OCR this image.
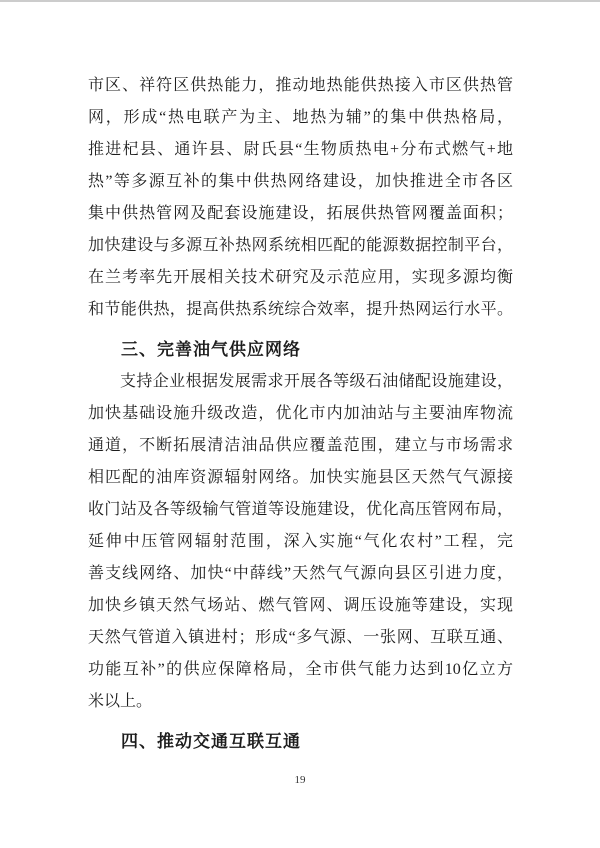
市区、祥符区供热能力，推动地热能供热接入市区供热管

网，形成“热电联产为主、地热为辅”的集中供热格局，

推进杞县、通许县、尉氏县“生物质热电+分布式燃气+地

热”等多源互补的集中供热网络建设，加快推进全市各区

集中供热管网及配套设施建设，拓展供热管网覆盖面积；

加快建设与多源互补热网系统相匹配的能源数据控制平台，

在兰考率先开展相关技术研究及示范应用，实现多源均衡

和节能供热，提高供热系统综合效率，提升热网运行水平。

三、完善油气供应网络

支持企业根据发展需求开展各等级石油储配设施建设，

加快基础设施升级改造，优化市内加油站与主要油库物流

通道，不断拓展清洁油品供应覆盖范围，建立与市场需求

相匹配的油库资源辐射网络。加快实施县区天然气气源接

收门站及各等级输气管道等设施建设，优化高压管网布局，

延伸中压管网辐射范围，深入实施“气化农村”工程，完

善支线网络、加快“中薛线”天然气气源向县区引进力度，

加快乡镇天然气场站、燃气管网、调压设施等建设，实现

天然气管道入镇进村；形成“多气源、一张网、互联互通、

功能互补”的供应保障格局，全市供气能力达到10亿立方

米以上。

四、推动交通互联互通
19
